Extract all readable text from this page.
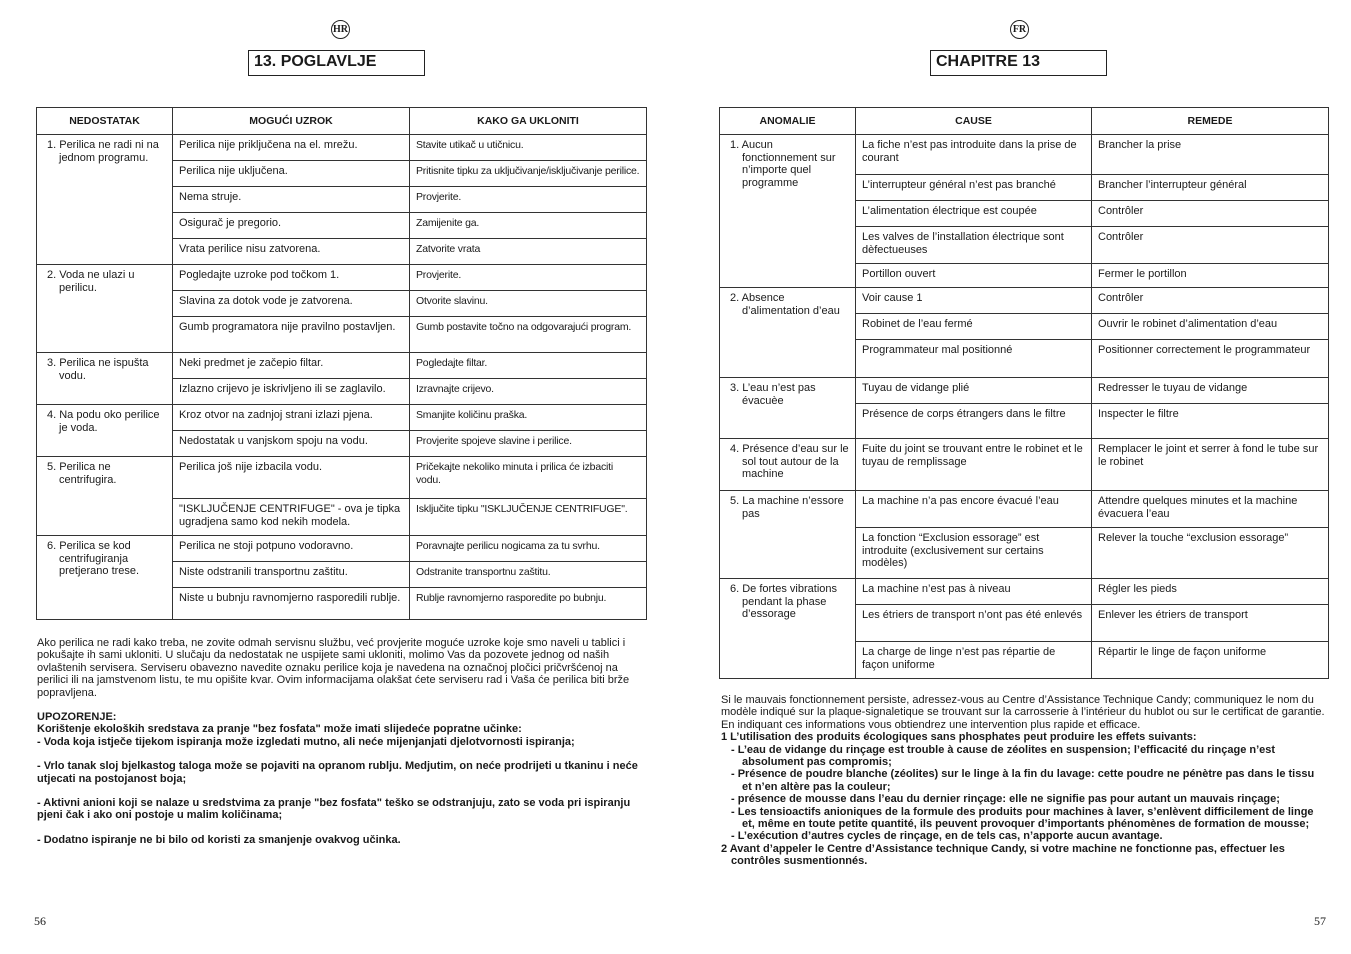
HR
13. POGLAVLJE
NEDOSTATAK	MOGUĆI UZROK	KAKO GA UKLONITI

1. Perilica ne radi ni na jednom programu.	Perilica nije priključena na el. mrežu.	Stavite utikač u utičnicu.
	Perilica nije uključena.	Pritisnite tipku za uključivanje/isključivanje perilice.
	Nema struje.	Provjerite.
	Osigurač je pregorio.	Zamijenite ga.
	Vrata perilice nisu zatvorena.	Zatvorite vrata

2. Voda ne ulazi u perilicu.	Pogledajte uzroke pod točkom 1.	Provjerite.
	Slavina za dotok vode je zatvorena.	Otvorite slavinu.
	Gumb programatora nije pravilno postavljen.	Gumb postavite točno na odgovarajući program.

3. Perilica ne ispušta vodu.	Neki predmet je začepio filtar.	Pogledajte filtar.
	Izlazno crijevo je iskrivljeno ili se zaglavilo.	Izravnajte crijevo.

4. Na podu oko perilice je voda.	Kroz otvor na zadnjoj strani izlazi pjena.	Smanjite količinu praška.
	Nedostatak u vanjskom spoju na vodu.	Provjerite spojeve slavine i perilice.

5. Perilica ne centrifugira.	Perilica još nije izbacila vodu.	Pričekajte nekoliko minuta i prilica će izbaciti vodu.
	"ISKLJUČENJE CENTRIFUGE" - ova je tipka ugradjena samo kod nekih modela.	Isključite tipku "ISKLJUČENJE CENTRIFUGE".

6. Perilica se kod centrifugiranja pretjerano trese.	Perilica ne stoji potpuno vodoravno.	Poravnajte perilicu nogicama za tu svrhu.
	Niste odstranili transportnu zaštitu.	Odstranite transportnu zaštitu.
	Niste u bubnju ravnomjerno rasporedili rublje.	Rublje ravnomjerno rasporedite po bubnju.
Ako perilica ne radi kako treba, ne zovite odmah servisnu službu, već provjerite moguće uzroke koje smo naveli u tablici i pokušajte ih sami ukloniti. U slučaju da nedostatak ne uspijete sami ukloniti, molimo Vas da pozovete jednog od naših ovlaštenih servisera. Serviseru obavezno navedite oznaku perilice koja je navedena na označnoj pločici pričvršćenoj na perilici ili na jamstvenom listu, te mu opišite kvar. Ovim informacijama olakšat ćete serviseru rad i Vaša će perilica biti brže popravljena.
UPOZORENJE:
Korištenje ekoloških sredstava za pranje "bez fosfata" može imati slijedeće popratne učinke:
- Voda koja istječe tijekom ispiranja može izgledati mutno, ali neće mijenjanjati djelotvornosti ispiranja;
- Vrlo tanak sloj bjelkastog taloga može se pojaviti na opranom rublju. Medjutim, on neće prodrijeti u tkaninu i neće utjecati na postojanost boja;
- Aktivni anioni koji se nalaze u sredstvima za pranje "bez fosfata" teško se odstranjuju, zato se voda pri ispiranju pjeni čak i ako oni postoje u malim količinama;
- Dodatno ispiranje ne bi bilo od koristi za smanjenje ovakvog učinka.
56
FR
CHAPITRE 13
ANOMALIE	CAUSE	REMEDE

1. Aucun fonctionnement sur n’importe quel programme	La fiche n’est pas introduite dans la prise de courant	Brancher la prise
	L’interrupteur général n’est pas branché	Brancher l’interrupteur général
	L’alimentation électrique est coupée	Contrôler
	Les valves de l’installation électrique sont dèfectueuses	Contrôler
	Portillon ouvert	Fermer le portillon

2. Absence d’alimentation d’eau	Voir cause 1	Contrôler
	Robinet de l’eau fermé	Ouvrir le robinet d’alimentation d’eau
	Programmateur mal positionné	Positionner correctement le programmateur

3. L’eau n’est pas évacuèe	Tuyau de vidange plié	Redresser le tuyau de vidange
	Présence de corps étrangers dans le filtre	Inspecter le filtre

4. Présence d’eau sur le sol tout autour de la machine	Fuite du joint se trouvant entre le robinet et le tuyau de remplissage	Remplacer le joint et serrer à fond le tube sur le robinet

5. La machine n’essore pas	La machine n’a pas encore évacué l’eau	Attendre quelques minutes et la machine évacuera l’eau
	La fonction “Exclusion essorage” est introduite (exclusivement sur certains modèles)	Relever la touche “exclusion essorage”

6. De fortes vibrations pendant la phase d’essorage	La machine n’est pas à niveau	Régler les pieds
	Les étriers de transport n’ont pas été enlevés	Enlever les étriers de transport
	La charge de linge n’est pas répartie de façon uniforme	Répartir le linge de façon uniforme
Si le mauvais fonctionnement persiste, adressez-vous au Centre d’Assistance Technique Candy; communiquez le nom du modèle indiqué sur la plaque-signaletique se trouvant sur la carrosserie à l’intérieur du hublot ou sur le certificat de garantie.
En indiquant ces informations vous obtiendrez une intervention plus rapide et efficace.
1 L’utilisation des produits écologiques sans phosphates peut produire les effets suivants:
- L’eau de vidange du rinçage est trouble à cause de zéolites en suspension; l’efficacité du rinçage n’est absolument pas compromis;
- Présence de poudre blanche (zéolites) sur le linge à la fin du lavage: cette poudre ne pénètre pas dans le tissu et n’en altère pas la couleur;
- présence de mousse dans l’eau du dernier rinçage: elle ne signifie pas pour autant un mauvais rinçage;
- Les tensioactifs anioniques de la formule des produits pour machines à laver, s’enlèvent difficilement de linge et, même en toute petite quantité, ils peuvent provoquer d’importants phénomènes de formation de mousse;
- L’exécution d’autres cycles de rinçage, en de tels cas, n’apporte aucun avantage.
2 Avant d’appeler le Centre d’Assistance technique Candy, si votre machine ne fonctionne pas, effectuer les contrôles susmentionnés.
57
